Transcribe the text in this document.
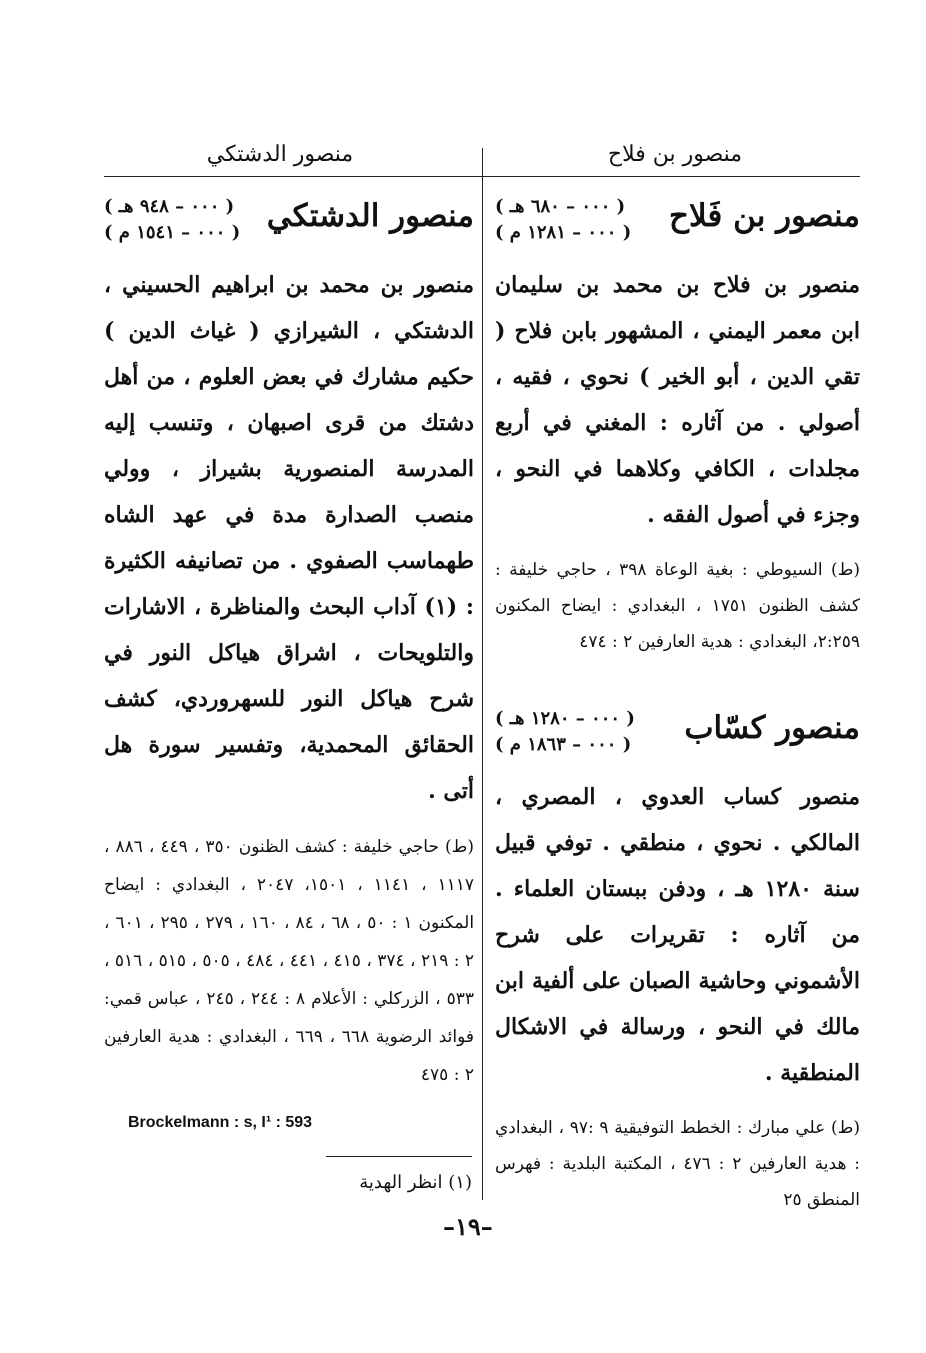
منصور بن فلاح
منصور الدشتكي
منصور بن فَلاح
( ٠٠٠ – ٦٨٠ هـ )
( ٠٠٠ – ١٢٨١ م )
منصور بن فلاح بن محمد بن سليمان ابن معمر اليمني ، المشهور بابن فلاح ( تقي الدين ، أبو الخير ) نحوي ، فقيه ، أصولي . من آثاره : المغني في أربع مجلدات ، الكافي وكلاهما في النحو ، وجزء في أصول الفقه .
(ط) السيوطي : بغية الوعاة ٣٩٨ ، حاجي خليفة : كشف الظنون ١٧٥١ ، البغدادي : ايضاح المكنون ٢:٢٥٩، البغدادي : هدية العارفين ٢ : ٤٧٤
منصور كسّاب
( ٠٠٠ – ١٢٨٠ هـ )
( ٠٠٠ – ١٨٦٣ م )
منصور كساب العدوي ، المصري ، المالكي . نحوي ، منطقي . توفي قبيل سنة ١٢٨٠ هـ ، ودفن ببستان العلماء . من آثاره : تقريرات على شرح الأشموني وحاشية الصبان على ألفية ابن مالك في النحو ، ورسالة في الاشكال المنطقية .
(ط) علي مبارك : الخطط التوفيقية ٩ :٩٧ ، البغدادي : هدية العارفين ٢ : ٤٧٦ ، المكتبة البلدية : فهرس المنطق ٢٥
منصور الدشتكي
( ٠٠٠ – ٩٤٨ هـ )
( ٠٠٠ – ١٥٤١ م )
منصور بن محمد بن ابراهيم الحسيني ، الدشتكي ، الشيرازي ( غياث الدين ) حكيم مشارك في بعض العلوم ، من أهل دشتك من قرى اصبهان ، وتنسب إليه المدرسة المنصورية بشيراز ، وولي منصب الصدارة مدة في عهد الشاه طهماسب الصفوي . من تصانيفه الكثيرة : (١) آداب البحث والمناظرة ، الاشارات والتلويحات ، اشراق هياكل النور في شرح هياكل النور للسهروردي، كشف الحقائق المحمدية، وتفسير سورة هل أتى .
(ط) حاجي خليفة : كشف الظنون ٣٥٠ ، ٤٤٩ ، ٨٨٦ ، ١١١٧ ، ١١٤١ ، ١٥٠١، ٢٠٤٧ ، البغدادي : ايضاح المكنون ١ : ٥٠ ، ٦٨ ، ٨٤ ، ١٦٠ ، ٢٧٩ ، ٢٩٥ ، ٦٠١ ، ٢ : ٢١٩ ، ٣٧٤ ، ٤١٥ ، ٤٤١ ، ٤٨٤ ، ٥٠٥ ، ٥١٥ ، ٥١٦ ، ٥٣٣ ، الزركلي : الأعلام ٨ : ٢٤٤ ، ٢٤٥ ، عباس قمي: فوائد الرضوية ٦٦٨ ، ٦٦٩ ، البغدادي : هدية العارفين ٢ : ٤٧٥
Brockelmann : s, I¹ : 593
(١) انظر الهدية
–١٩–
